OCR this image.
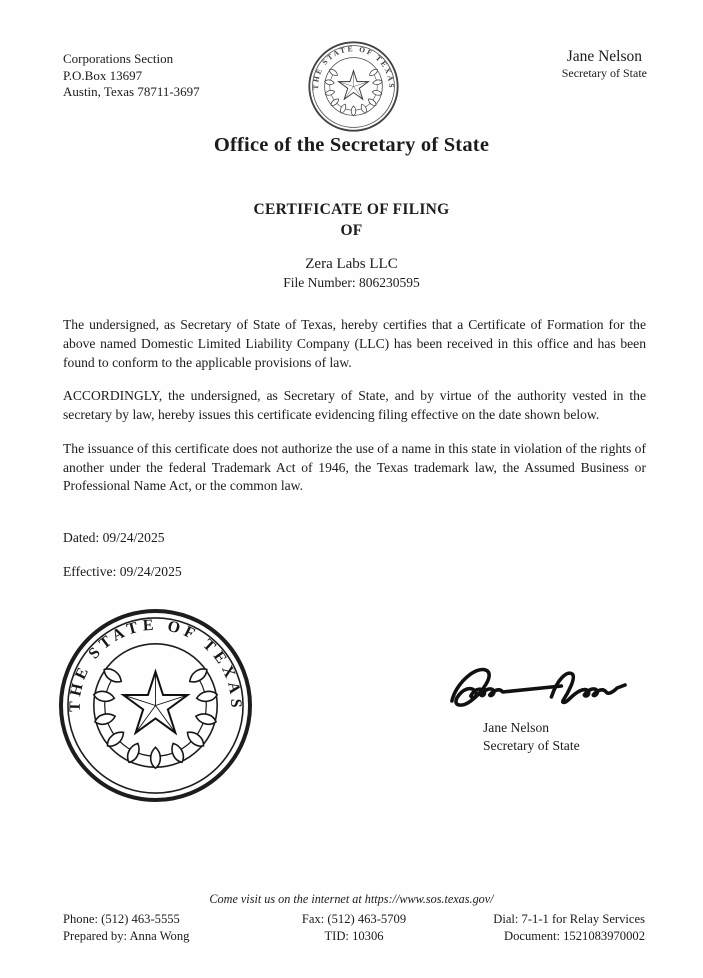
Corporations Section

P.O.Box 13697

Austin, Texas 78711-3697

Jane Nelson
Secretary of State
THE STATE OF TEXAS
Office of the Secretary of State
CERTIFICATE OF FILING
OF
Zera Labs LLC
File Number: 806230595

The undersigned, as Secretary of State of Texas, hereby certifies that a Certificate of Formation for the above named Domestic Limited Liability Company (LLC) has been received in this office and has been found to conform to the applicable provisions of law.

ACCORDINGLY, the undersigned, as Secretary of State, and by virtue of the authority vested in the secretary by law, hereby issues this certificate evidencing filing effective on the date shown below.

The issuance of this certificate does not authorize the use of a name in this state in violation of the rights of another under the federal Trademark Act of 1946, the Texas trademark law, the Assumed Business or Professional Name Act, or the common law.

Dated: 09/24/2025
Effective: 09/24/2025
THE STATE OF TEXAS

Jane Nelson

Secretary of State

Come visit us on the internet at https://www.sos.texas.gov/

Phone: (512) 463-5555

Prepared by: Anna Wong

Fax: (512) 463-5709

TID: 10306

Dial: 7-1-1 for Relay Services

Document: 1521083970002
